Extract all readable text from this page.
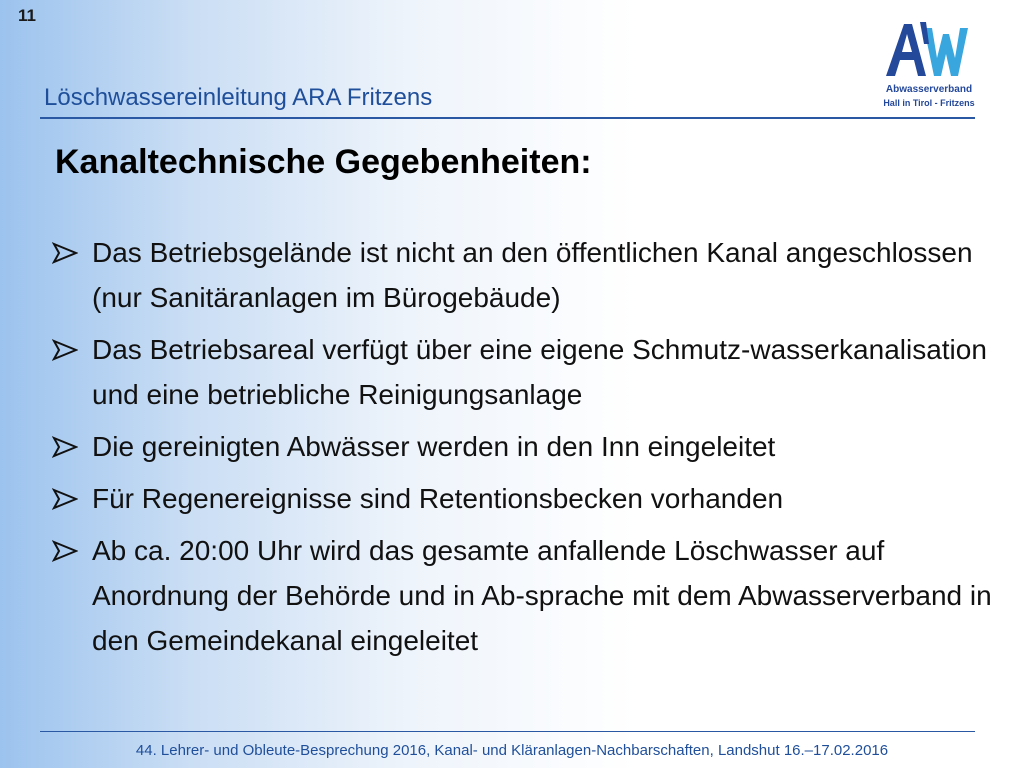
11
Löschwassereinleitung ARA Fritzens	Abwasserverband
Hall in Tirol - Fritzens
Kanaltechnische Gegebenheiten:
Das Betriebsgelände ist nicht an den öffentlichen Kanal angeschlossen (nur Sanitäranlagen im Bürogebäude)
Das Betriebsareal verfügt über eine eigene Schmutz-wasserkanalisation und eine betriebliche Reinigungsanlage
Die gereinigten Abwässer werden in den Inn eingeleitet
Für Regenereignisse sind Retentionsbecken vorhanden
Ab ca. 20:00 Uhr wird das gesamte anfallende Löschwasser auf Anordnung der Behörde und in Ab-sprache mit dem Abwasserverband in den Gemeindekanal eingeleitet
44. Lehrer- und Obleute-Besprechung 2016, Kanal- und Kläranlagen-Nachbarschaften, Landshut 16.–17.02.2016
